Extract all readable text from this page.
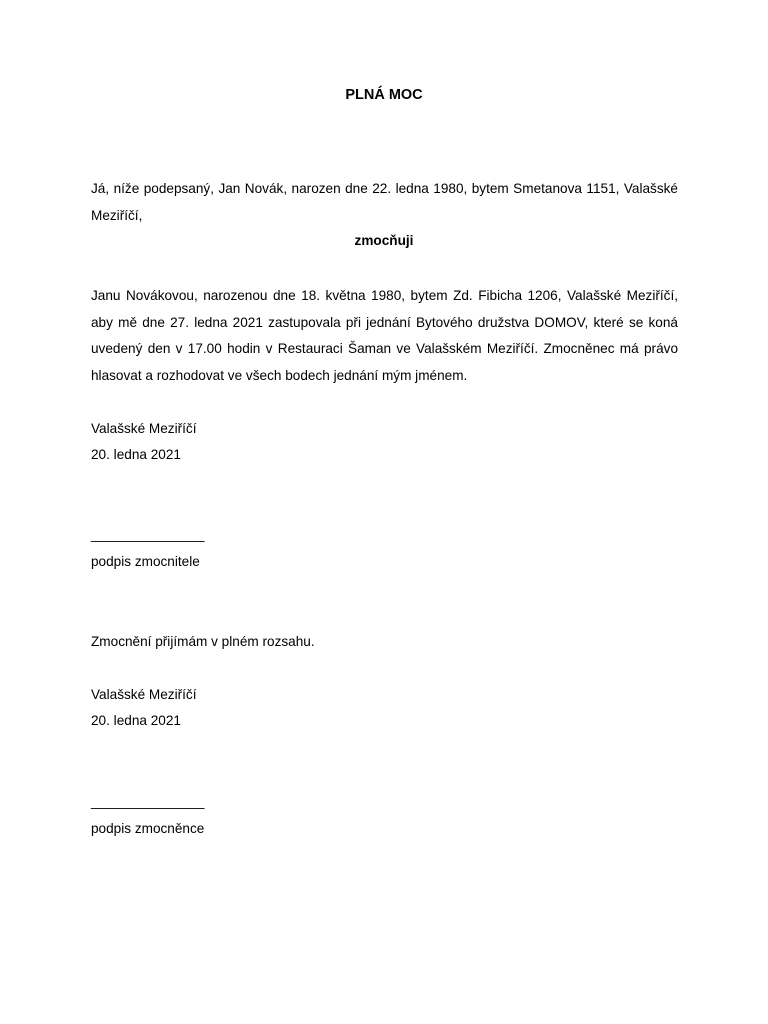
PLNÁ MOC

Já, níže podepsaný, Jan Novák, narozen dne 22. ledna 1980, bytem Smetanova 1151, Valašské Meziříčí,

zmocňuji

Janu Novákovou, narozenou dne 18. května 1980, bytem Zd. Fibicha 1206, Valašské Meziříčí, aby mě dne 27. ledna 2021 zastupovala při jednání Bytového družstva DOMOV, které se koná uvedený den v 17.00 hodin v Restauraci Šaman ve Valašském Meziříčí. Zmocněnec má právo hlasovat a rozhodovat ve všech bodech jednání mým jménem.

Valašské Meziříčí
20. ledna 2021
_______________
podpis zmocnitele
Zmocnění přijímám v plném rozsahu.
Valašské Meziříčí
20. ledna 2021
_______________
podpis zmocněnce
